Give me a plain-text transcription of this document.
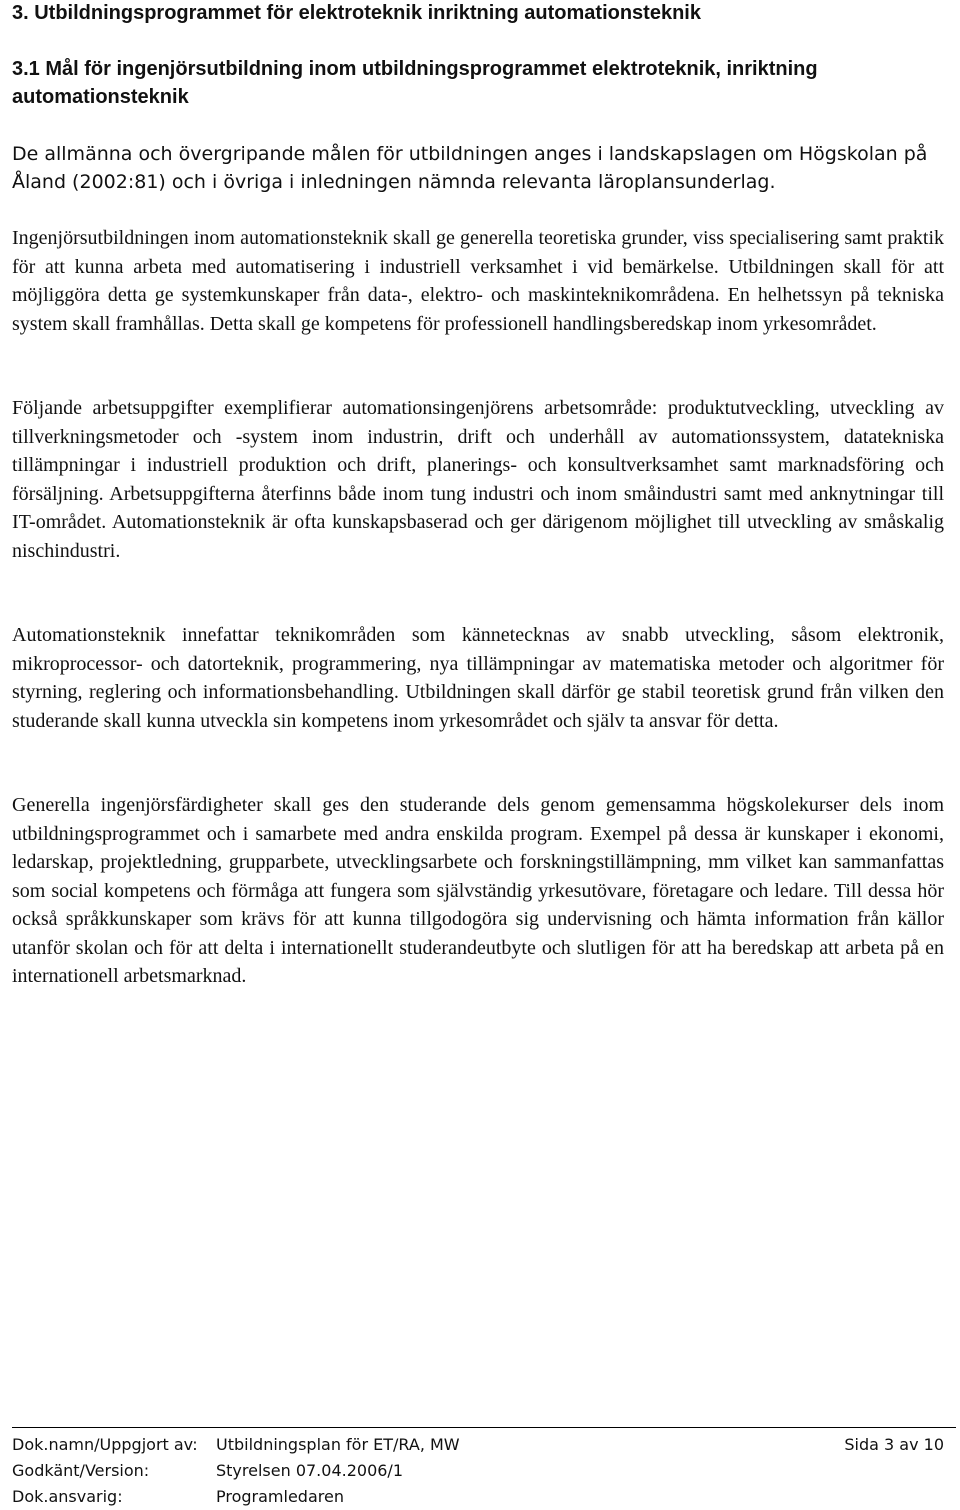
3. Utbildningsprogrammet för elektroteknik inriktning automationsteknik
3.1 Mål för ingenjörsutbildning inom utbildningsprogrammet elektroteknik, inriktning automationsteknik

De allmänna och övergripande målen för utbildningen anges i landskapslagen om Högskolan på Åland (2002:81) och i övriga i inledningen nämnda relevanta läroplansunderlag.

Ingenjörsutbildningen inom automationsteknik skall ge generella teoretiska grunder, viss specialisering samt praktik för att kunna arbeta med automatisering i industriell verksamhet i vid bemärkelse. Utbildningen skall för att möjliggöra detta ge systemkunskaper från data-, elektro- och maskinteknikområdena. En helhetssyn på tekniska system skall framhållas. Detta skall ge kompetens för professionell handlingsberedskap inom yrkesområdet.

Följande arbetsuppgifter exemplifierar automationsingenjörens arbetsområde: produktutveckling, utveckling av tillverkningsmetoder och -system inom industrin, drift och underhåll av automationssystem, datatekniska tillämpningar i industriell produktion och drift, planerings- och konsultverksamhet samt marknadsföring och försäljning. Arbetsuppgifterna återfinns både inom tung industri och inom småindustri samt med anknytningar till IT-området. Automationsteknik är ofta kunskapsbaserad och ger därigenom möjlighet till utveckling av småskalig nischindustri.

Automationsteknik innefattar teknikområden som kännetecknas av snabb utveckling, såsom elektronik, mikroprocessor- och datorteknik, programmering, nya tillämpningar av matematiska metoder och algoritmer för styrning, reglering och informationsbehandling. Utbildningen skall därför ge stabil teoretisk grund från vilken den studerande skall kunna utveckla sin kompetens inom yrkesområdet och själv ta ansvar för detta.

Generella ingenjörsfärdigheter skall ges den studerande dels genom gemensamma högskolekurser dels inom utbildningsprogrammet och i samarbete med andra enskilda program. Exempel på dessa är kunskaper i ekonomi, ledarskap, projektledning, grupparbete, utvecklingsarbete och forskningstillämpning, mm vilket kan sammanfattas som social kompetens och förmåga att fungera som självständig yrkesutövare, företagare och ledare. Till dessa hör också språkkunskaper som krävs för att kunna tillgodogöra sig undervisning och hämta information från källor utanför skolan och för att delta i internationellt studerandeutbyte och slutligen för att ha beredskap att arbeta på en internationell arbetsmarknad.

Dok.namn/Uppgjort av: Utbildningsplan för ET/RA, MW	Sida 3 av 10
Godkänt/Version:	Styrelsen 07.04.2006/1
Dok.ansvarig:	Programledaren
